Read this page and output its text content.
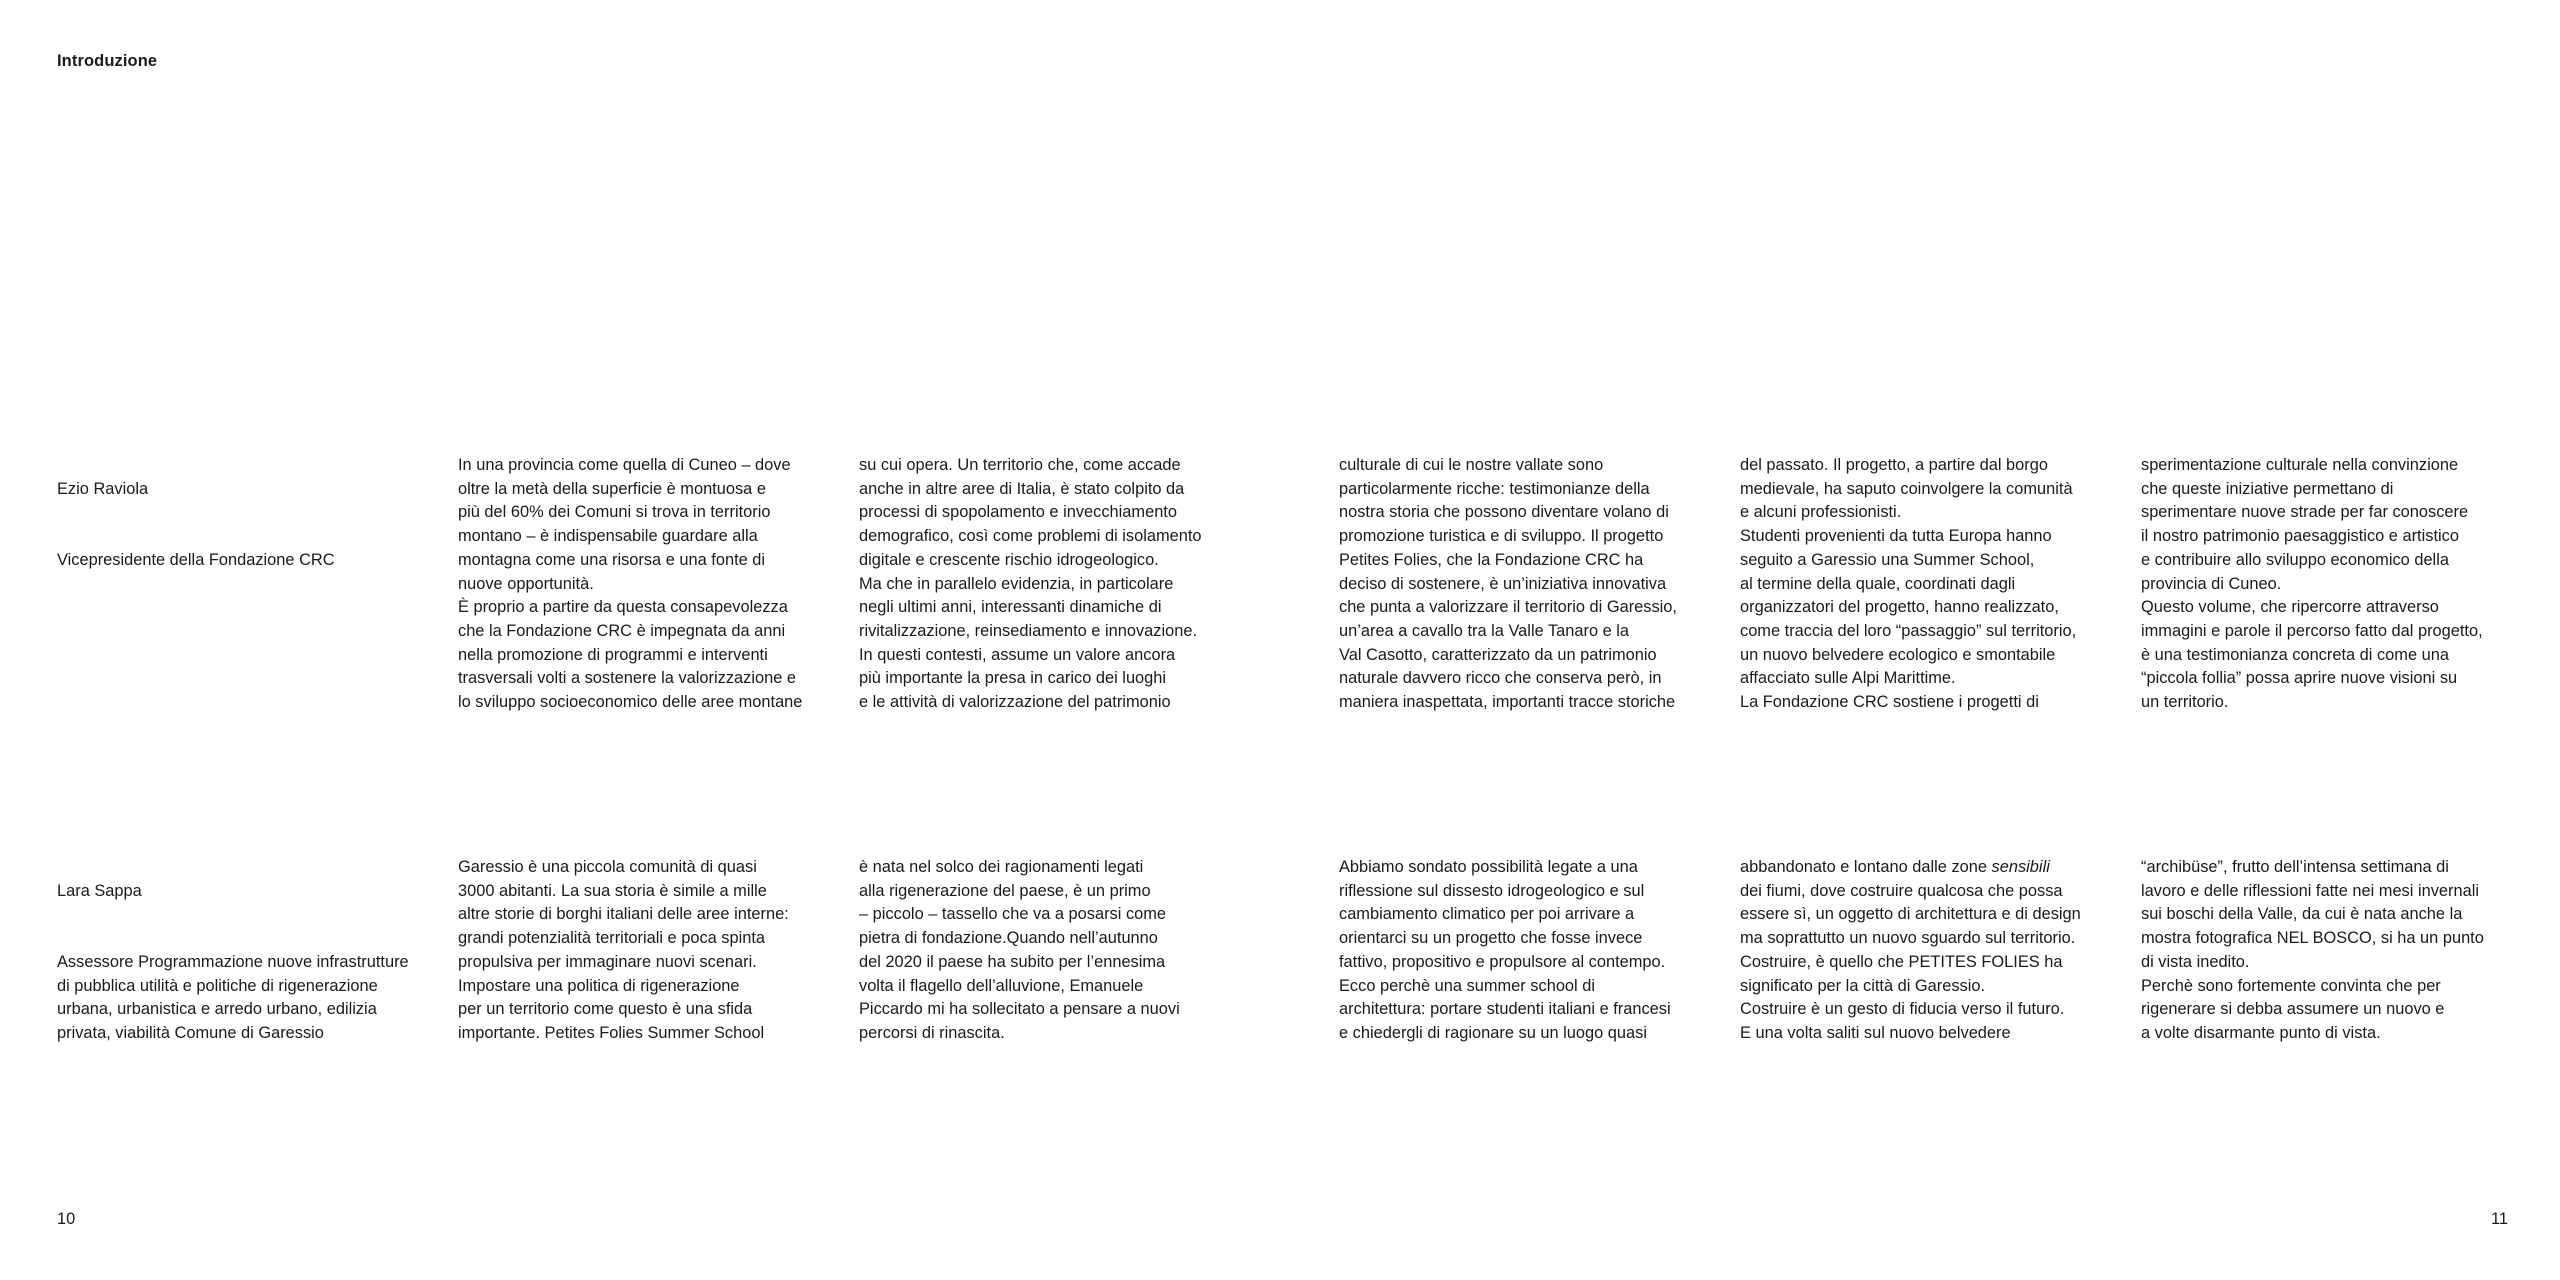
Introduzione

Ezio Raviola

Vicepresidente della Fondazione CRC

In una provincia come quella di Cuneo – dove
oltre la metà della superficie è montuosa e
più del 60% dei Comuni si trova in territorio
montano – è indispensabile guardare alla
montagna come una risorsa e una fonte di
nuove opportunità.
È proprio a partire da questa consapevolezza
che la Fondazione CRC è impegnata da anni
nella promozione di programmi e interventi
trasversali volti a sostenere la valorizzazione e
lo sviluppo socioeconomico delle aree montane
su cui opera. Un territorio che, come accade
anche in altre aree di Italia, è stato colpito da
processi di spopolamento e invecchiamento
demografico, così come problemi di isolamento
digitale e crescente rischio idrogeologico.
Ma che in parallelo evidenzia, in particolare
negli ultimi anni, interessanti dinamiche di
rivitalizzazione, reinsediamento e innovazione.
In questi contesti, assume un valore ancora
più importante la presa in carico dei luoghi
e le attività di valorizzazione del patrimonio
culturale di cui le nostre vallate sono
particolarmente ricche: testimonianze della
nostra storia che possono diventare volano di
promozione turistica e di sviluppo. Il progetto
Petites Folies, che la Fondazione CRC ha
deciso di sostenere, è un’iniziativa innovativa
che punta a valorizzare il territorio di Garessio,
un’area a cavallo tra la Valle Tanaro e la
Val Casotto, caratterizzato da un patrimonio
naturale davvero ricco che conserva però, in
maniera inaspettata, importanti tracce storiche
del passato. Il progetto, a partire dal borgo
medievale, ha saputo coinvolgere la comunità
e alcuni professionisti.
Studenti provenienti da tutta Europa hanno
seguito a Garessio una Summer School,
al termine della quale, coordinati dagli
organizzatori del progetto, hanno realizzato,
come traccia del loro “passaggio” sul territorio,
un nuovo belvedere ecologico e smontabile
affacciato sulle Alpi Marittime.
La Fondazione CRC sostiene i progetti di
sperimentazione culturale nella convinzione
che queste iniziative permettano di
sperimentare nuove strade per far conoscere
il nostro patrimonio paesaggistico e artistico
e contribuire allo sviluppo economico della
provincia di Cuneo.
Questo volume, che ripercorre attraverso
immagini e parole il percorso fatto dal progetto,
è una testimonianza concreta di come una
“piccola follia” possa aprire nuove visioni su
un territorio.

Lara Sappa

Assessore Programmazione nuove infrastrutture
di pubblica utilità e politiche di rigenerazione
urbana, urbanistica e arredo urbano, edilizia
privata, viabilità Comune di Garessio

Garessio è una piccola comunità di quasi
3000 abitanti. La sua storia è simile a mille
altre storie di borghi italiani delle aree interne:
grandi potenzialità territoriali e poca spinta
propulsiva per immaginare nuovi scenari.
Impostare una politica di rigenerazione
per un territorio come questo è una sfida
importante. Petites Folies Summer School
è nata nel solco dei ragionamenti legati
alla rigenerazione del paese, è un primo
– piccolo – tassello che va a posarsi come
pietra di fondazione.Quando nell’autunno
del 2020 il paese ha subito per l’ennesima
volta il flagello dell’alluvione, Emanuele
Piccardo mi ha sollecitato a pensare a nuovi
percorsi di rinascita.
Abbiamo sondato possibilità legate a una
riflessione sul dissesto idrogeologico e sul
cambiamento climatico per poi arrivare a
orientarci su un progetto che fosse invece
fattivo, propositivo e propulsore al contempo.
Ecco perchè una summer school di
architettura: portare studenti italiani e francesi
e chiedergli di ragionare su un luogo quasi
abbandonato e lontano dalle zone sensibili
dei fiumi, dove costruire qualcosa che possa
essere sì, un oggetto di architettura e di design
ma soprattutto un nuovo sguardo sul territorio.
Costruire, è quello che PETITES FOLIES ha
significato per la città di Garessio.
Costruire è un gesto di fiducia verso il futuro.
E una volta saliti sul nuovo belvedere
“archibüse”, frutto dell’intensa settimana di
lavoro e delle riflessioni fatte nei mesi invernali
sui boschi della Valle, da cui è nata anche la
mostra fotografica NEL BOSCO, si ha un punto
di vista inedito.
Perchè sono fortemente convinta che per
rigenerare si debba assumere un nuovo e
a volte disarmante punto di vista.
10	11
